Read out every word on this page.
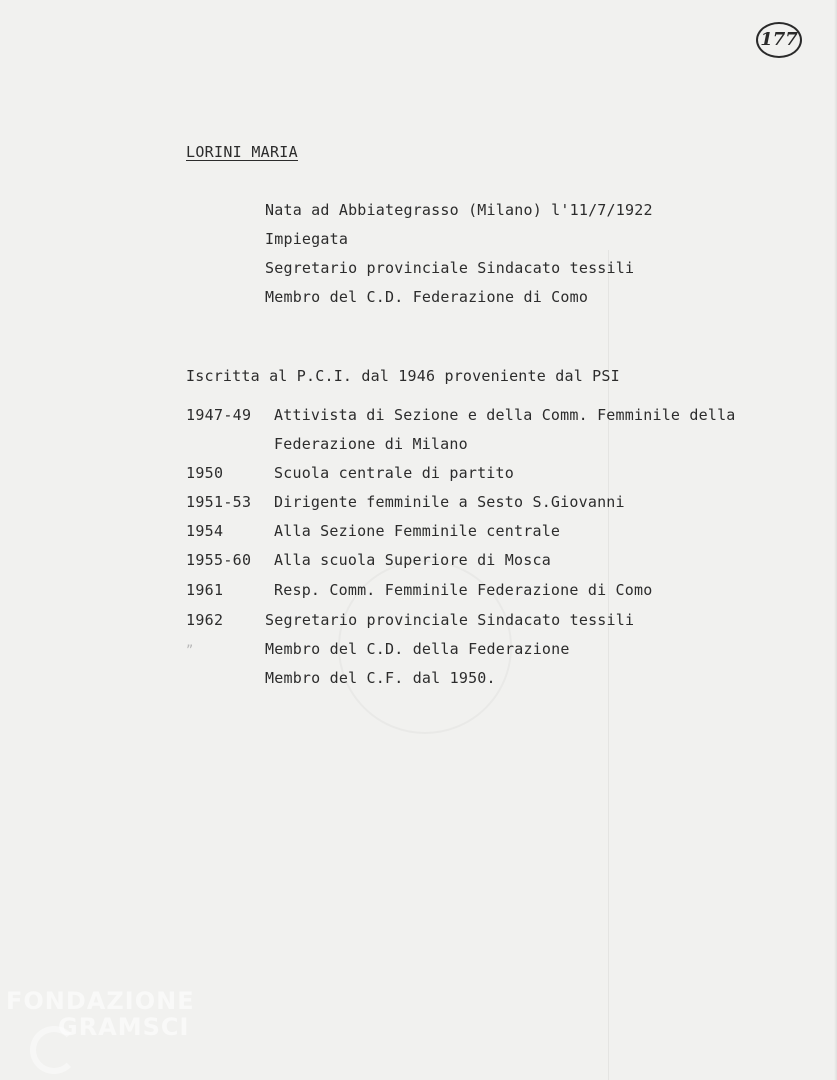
177
LORINI MARIA
Nata ad Abbiategrasso (Milano) l'11/7/1922
Impiegata
Segretario provinciale Sindacato tessili
Membro del C.D. Federazione di Como
Iscritta al P.C.I. dal 1946 proveniente dal PSI
1947-49 Attivista di Sezione e della Comm. Femminile della
Federazione di Milano
1950	Scuola centrale di partito
1951-53 Dirigente femminile a Sesto S.Giovanni
1954	Alla Sezione Femminile centrale
1955-60 Alla scuola Superiore di Mosca
1961	Resp. Comm. Femminile Federazione di Como
1962	Segretario provinciale Sindacato tessili
”	Membro del C.D. della Federazione
Membro del C.F. dal 1950.
FONDAZIONE
GRAMSCI
